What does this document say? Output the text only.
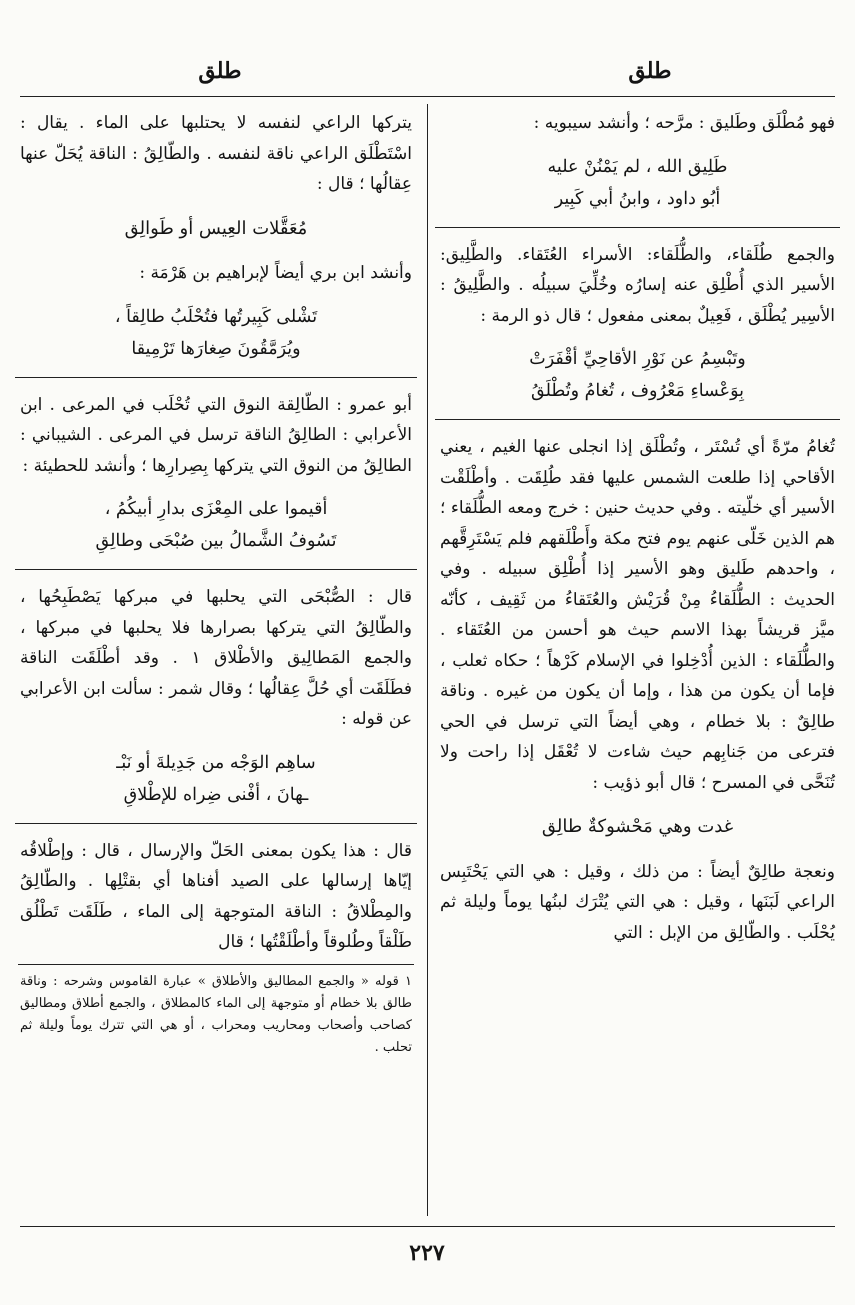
طلق
طلق

فهو مُطْلَق وطَليق : مرَّحه ؛ وأنشد سيبويه :

طَلِيق الله ، لم يَمْنُنْ عليه
أبُو داود ، وابنُ أبي كَبِير

والجمع طُلَقاء، والطُّلَقاء: الأسراء العُتَقاء. والطَّلِيق: الأسير الذي أُطْلِق عنه إسارُه وخُلِّيَ سبيلُه . والطَّلِيقُ : الأسِير يُطْلَق ، فَعِيلٌ بمعنى مفعول ؛ قال ذو الرمة :

وتَبْسِمُ عن نَوْرِ الأقاحِيِّ أقْفَرَتْ
بِوَعْساءِ مَعْرُوف ، تُغامُ وتُطْلَقُ

تُغامُ مرّةً أي تُسْتَر ، وتُطْلَق إذا انجلى عنها الغيم ، يعني الأقاحي إذا طلعت الشمس عليها فقد طُلِقَت . وأطْلَقْت الأسير أي خلّيته . وفي حديث حنين : خرج ومعه الطُّلَقاء ؛ هم الذين خَلّى عنهم يوم فتح مكة وأَطْلَقهم فلم يَسْتَرِقَّهم ، واحدهم طَليق وهو الأسير إذا أُطْلِق سبيله . وفي الحديث : الطُّلَقاءُ مِنْ قُرَيْش والعُتَقاءُ من ثَقِيف ، كأنّه ميَّز قريشاً بهذا الاسم حيث هو أحسن من العُتَقاء . والطُّلَقاء : الذين أُدْخِلوا في الإسلام كَرْهاً ؛ حكاه ثعلب ، فإما أن يكون من هذا ، وإما أن يكون من غيره . وناقة طالِقٌ : بلا خطام ، وهي أيضاً التي ترسل في الحي فترعى من جَنابِهم حيث شاءت لا تُعْقَل إذا راحت ولا تُنَحَّى في المسرح ؛ قال أبو ذؤيب :

غدت وهي مَحْشوكةٌ طالِق

ونعجة طالِقٌ أيضاً : من ذلك ، وقيل : هي التي يَحْتَبِس الراعي لَبَنَها ، وقيل : هي التي يُتْرَك لبنُها يوماً وليلة ثم يُحْلَب . والطّالِق من الإبل : التي

يتركها الراعي لنفسه لا يحتلبها على الماء . يقال : اسْتَطْلَق الراعي ناقة لنفسه . والطّالِقُ : الناقة يُحَلّ عنها عِقالُها ؛ قال :

مُعَقَّلات العِيس أو طَوالِق

وأنشد ابن بري أيضاً لإبراهيم بن هَرْمَة :

تَشْلى كَبِيرتُها فتُحْلَبُ طالِقاً ،
ويُرَمَّقُونَ صِغارَها تَرْمِيقا

أبو عمرو : الطّالِقة النوق التي تُحْلَب في المرعى . ابن الأعرابي : الطالِقُ الناقة ترسل في المرعى . الشيباني : الطالِقُ من النوق التي يتركها بِصِرارِها ؛ وأنشد للحطيئة :

أقيموا على المِعْزَى بدارِ أبيكُمُ ،
تَسُوفُ الشَّمالُ بين صُبْحَى وطالِقِ

قال : الصُّبْحَى التي يحلبها في مبركها يَصْطَبِحُها ، والطّالِقُ التي يتركها بصرارها فلا يحلبها في مبركها ، والجمع المَطالِيق والأطْلاق ١ . وقد أطْلَقَت الناقة فطَلَقَت أي حُلَّ عِقالُها ؛ وقال شمر : سألت ابن الأعرابي عن قوله :

ساهِم الوَجْه من جَدِيلةَ أو نَبْـ
ـهانَ ، أفْنى ضِراه للإطْلاقِ

قال : هذا يكون بمعنى الحَلّ والإرسال ، قال : وإطْلاقُه إيّاها إرسالها على الصيد أفناها أي بقتْلِها . والطّالِقُ والمِطْلاقُ : الناقة المتوجهة إلى الماء ، طَلَقَت تَطْلُق طَلْقاً وطُلوقاً وأطْلَقْتُها ؛ قال

١ قوله « والجمع المطاليق والأطلاق » عبارة القاموس وشرحه : وناقة طالق بلا خطام أو متوجهة إلى الماء كالمطلاق ، والجمع أطلاق ومطاليق كصاحب وأصحاب ومحاريب ومحراب ، أو هي التي تترك يوماً وليلة ثم تحلب .

٢٢٧
